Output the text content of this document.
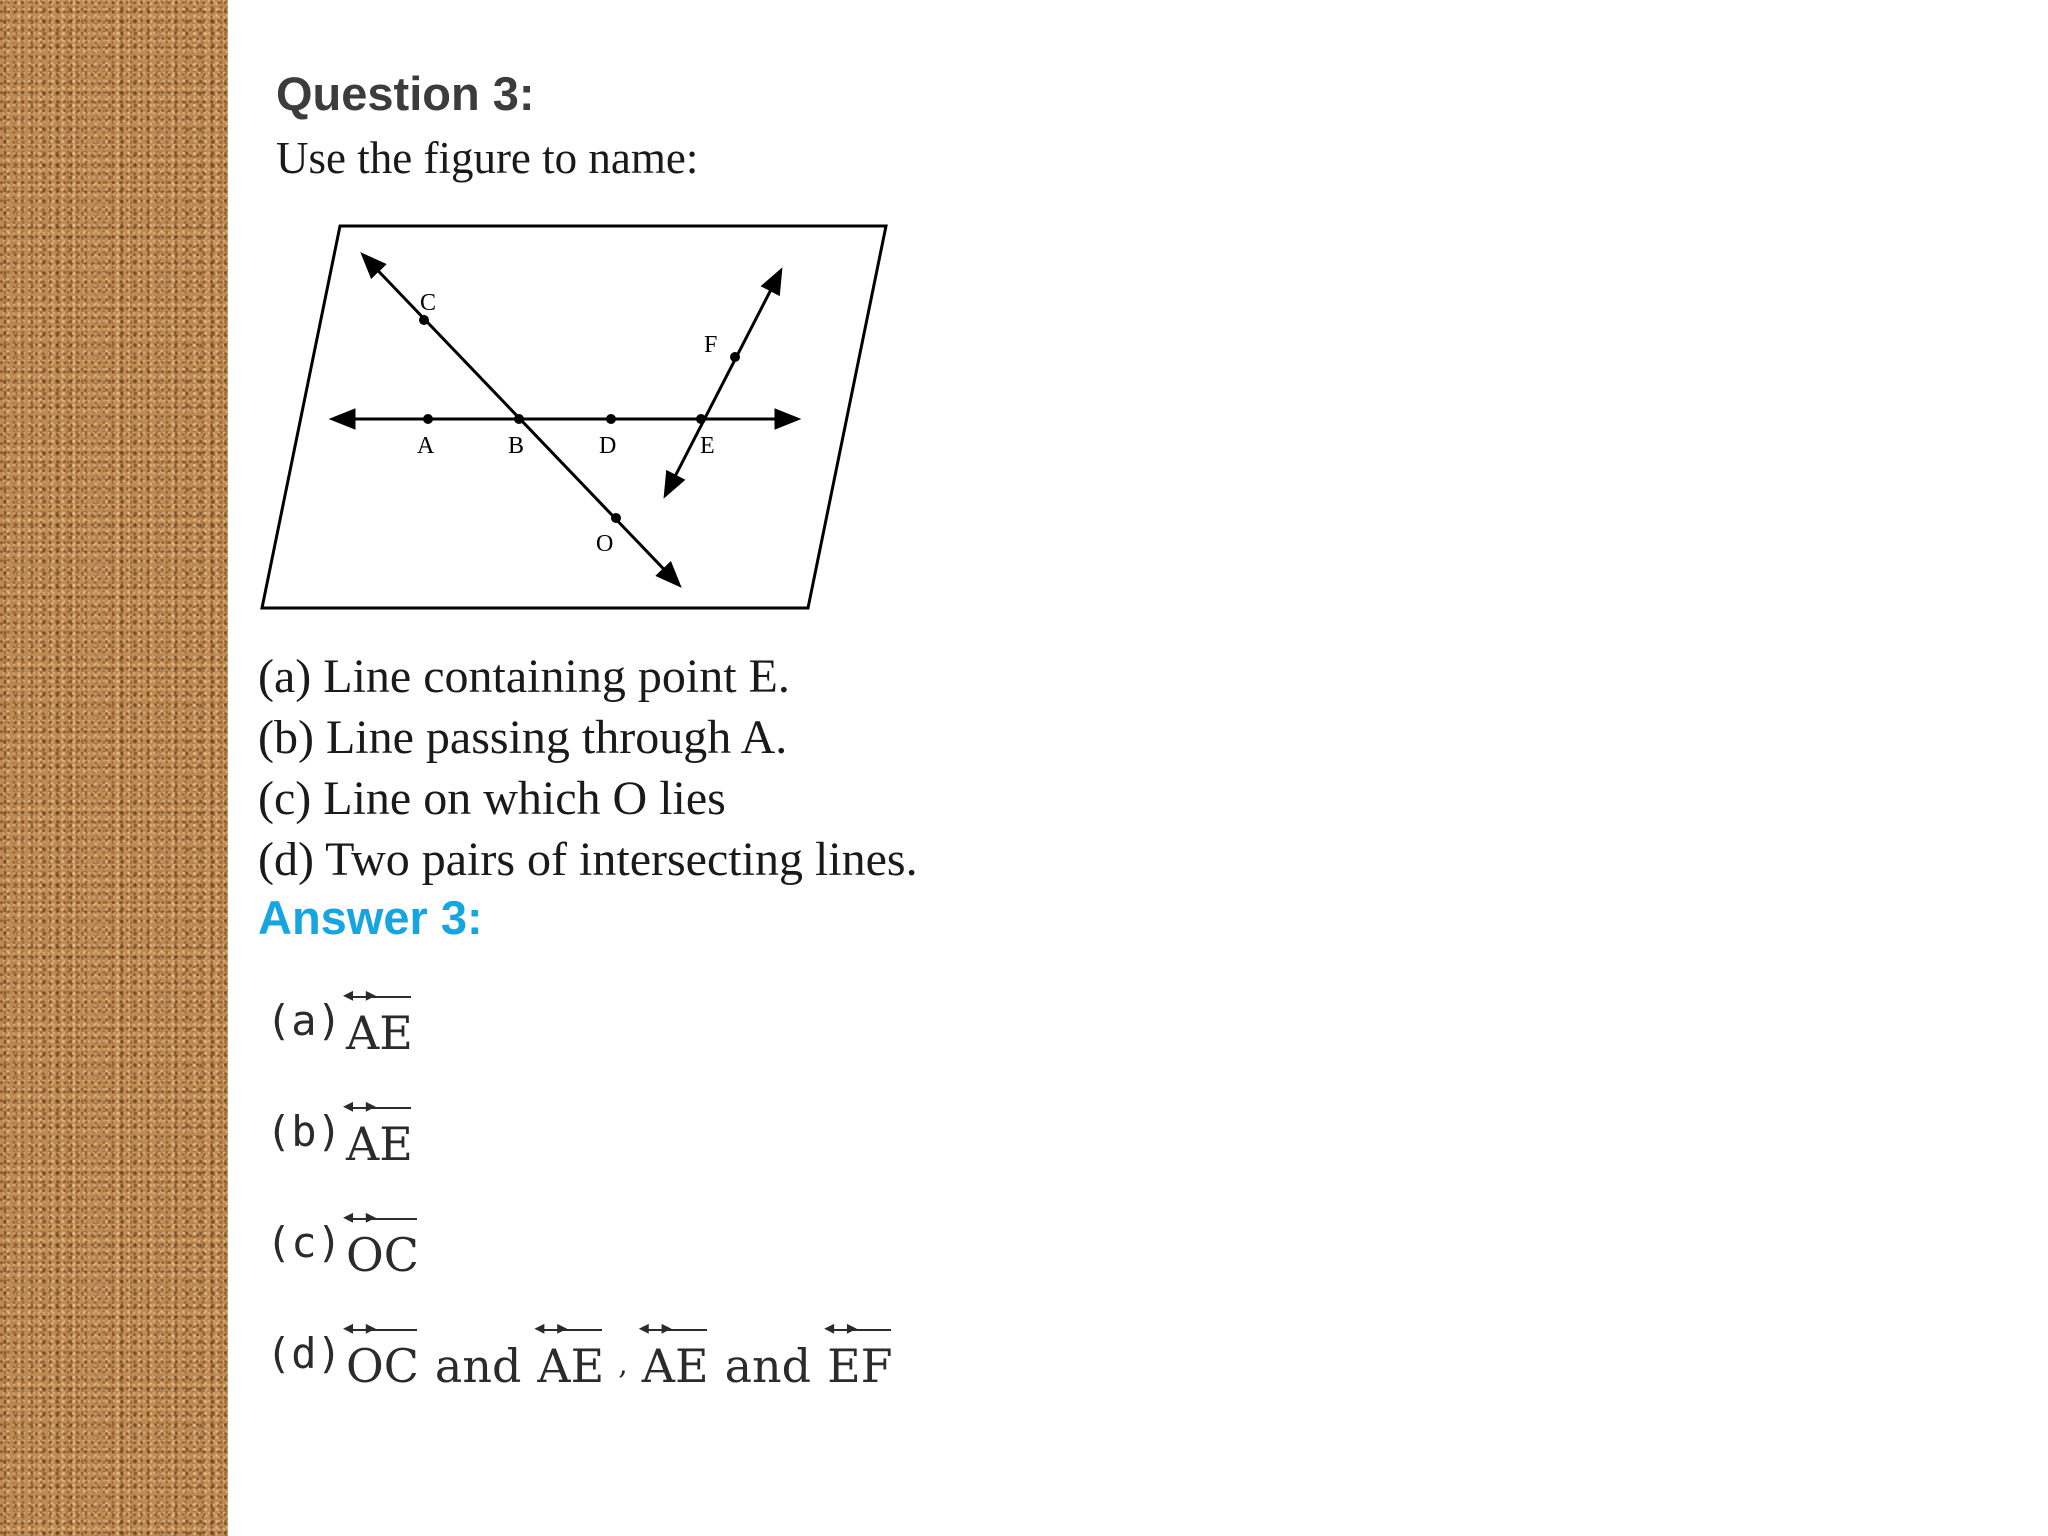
Question 3:

Use the figure to name:

C
F
A	B	D	E
O
(a) Line containing point E.
(b) Line passing through A.
(c) Line on which O lies
(d) Two pairs of intersecting lines.
Answer 3:
(a) AE ◂  ▸
(b) AE ◂  ▸
(c) OC ◂  ▸
(d) OC ◂  ▸ and AE ◂  ▸ , AE ◂  ▸ and EF ◂  ▸
